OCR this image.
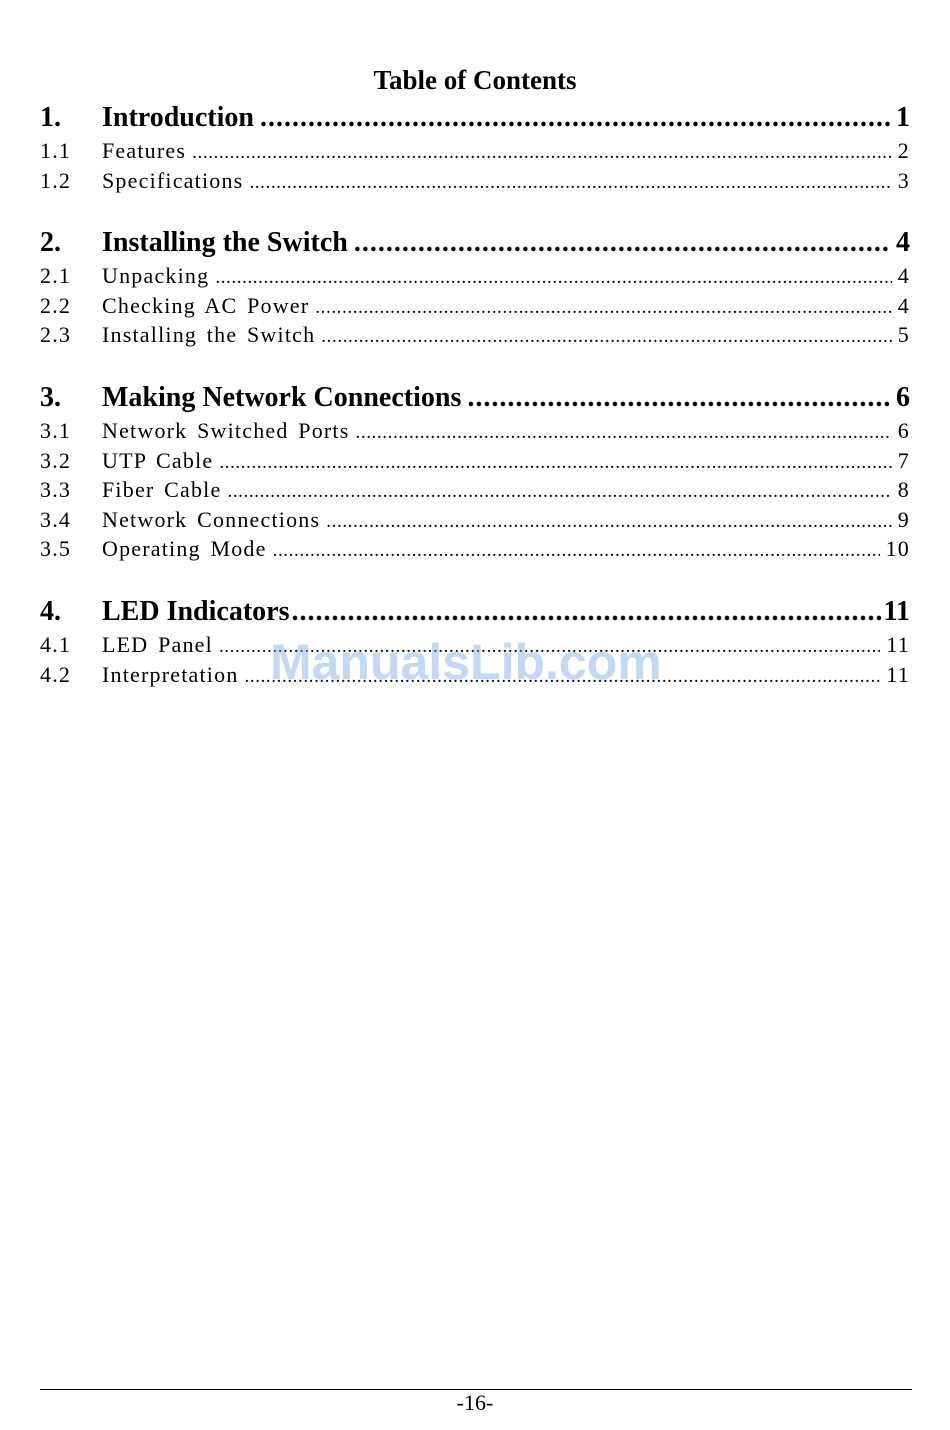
Table of Contents
1.	Introduction .....	1
1.1	Features .....	2
1.2	Specifications .....	3
2.	Installing the Switch .....	4
2.1	Unpacking .....	4
2.2	Checking AC Power .....	4
2.3	Installing the Switch .....	5
3.	Making Network Connections .....	6
3.1	Network Switched Ports .....	6
3.2	UTP Cable .....	7
3.3	Fiber Cable .....	8
3.4	Network Connections .....	9
3.5	Operating Mode .....	10
4.	LED Indicators .....	11
4.1	LED Panel .....	11
4.2	Interpretation .....	11
ManualsLib.com
-16-
